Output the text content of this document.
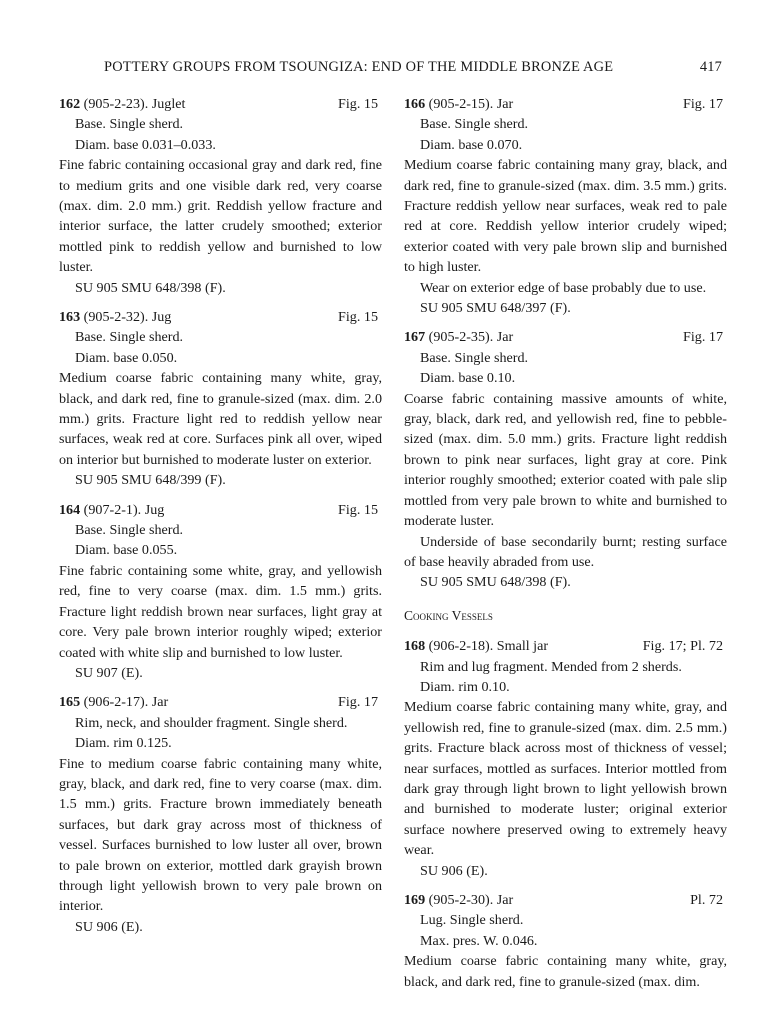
POTTERY GROUPS FROM TSOUNGIZA: END OF THE MIDDLE BRONZE AGE	417
162 (905-2-23). Juglet	Fig. 15
Base. Single sherd.
Diam. base 0.031–0.033.
Fine fabric containing occasional gray and dark red, fine to medium grits and one visible dark red, very coarse (max. dim. 2.0 mm.) grit. Reddish yellow fracture and interior surface, the latter crudely smoothed; exterior mottled pink to reddish yellow and burnished to low luster.
SU 905 SMU 648/398 (F).
163 (905-2-32). Jug	Fig. 15
Base. Single sherd.
Diam. base 0.050.
Medium coarse fabric containing many white, gray, black, and dark red, fine to granule-sized (max. dim. 2.0 mm.) grits. Fracture light red to reddish yellow near surfaces, weak red at core. Surfaces pink all over, wiped on interior but burnished to moderate luster on exterior.
SU 905 SMU 648/399 (F).
164 (907-2-1). Jug	Fig. 15
Base. Single sherd.
Diam. base 0.055.
Fine fabric containing some white, gray, and yellowish red, fine to very coarse (max. dim. 1.5 mm.) grits. Fracture light reddish brown near surfaces, light gray at core. Very pale brown interior roughly wiped; exterior coated with white slip and burnished to low luster.
SU 907 (E).
165 (906-2-17). Jar	Fig. 17
Rim, neck, and shoulder fragment. Single sherd.
Diam. rim 0.125.
Fine to medium coarse fabric containing many white, gray, black, and dark red, fine to very coarse (max. dim. 1.5 mm.) grits. Fracture brown immediately beneath surfaces, but dark gray across most of thickness of vessel. Surfaces burnished to low luster all over, brown to pale brown on exterior, mottled dark grayish brown through light yellowish brown to very pale brown on interior.
SU 906 (E).
166 (905-2-15). Jar	Fig. 17
Base. Single sherd.
Diam. base 0.070.
Medium coarse fabric containing many gray, black, and dark red, fine to granule-sized (max. dim. 3.5 mm.) grits. Fracture reddish yellow near surfaces, weak red to pale red at core. Reddish yellow interior crudely wiped; exterior coated with very pale brown slip and burnished to high luster.
Wear on exterior edge of base probably due to use.
SU 905 SMU 648/397 (F).
167 (905-2-35). Jar	Fig. 17
Base. Single sherd.
Diam. base 0.10.
Coarse fabric containing massive amounts of white, gray, black, dark red, and yellowish red, fine to pebble-sized (max. dim. 5.0 mm.) grits. Fracture light reddish brown to pink near surfaces, light gray at core. Pink interior roughly smoothed; exterior coated with pale slip mottled from very pale brown to white and burnished to moderate luster.
Underside of base secondarily burnt; resting surface of base heavily abraded from use.
SU 905 SMU 648/398 (F).
Cooking Vessels
168 (906-2-18). Small jar	Fig. 17; Pl. 72
Rim and lug fragment. Mended from 2 sherds.
Diam. rim 0.10.
Medium coarse fabric containing many white, gray, and yellowish red, fine to granule-sized (max. dim. 2.5 mm.) grits. Fracture black across most of thickness of vessel; near surfaces, mottled as surfaces. Interior mottled from dark gray through light brown to light yellowish brown and burnished to moderate luster; original exterior surface nowhere preserved owing to extremely heavy wear.
SU 906 (E).
169 (905-2-30). Jar	Pl. 72
Lug. Single sherd.
Max. pres. W. 0.046.
Medium coarse fabric containing many white, gray, black, and dark red, fine to granule-sized (max. dim.
